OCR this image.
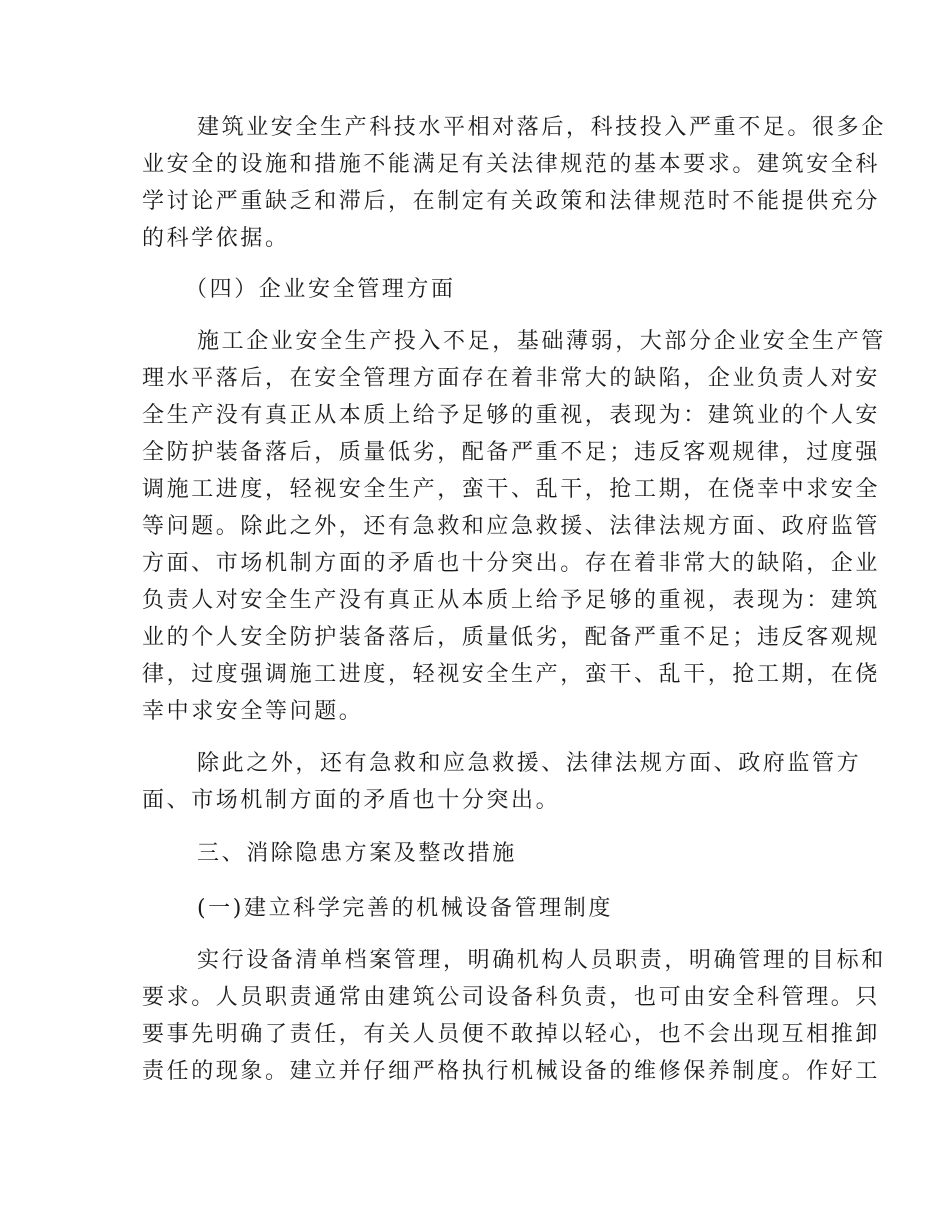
建筑业安全生产科技水平相对落后，科技投入严重不足。很多企
业安全的设施和措施不能满足有关法律规范的基本要求。建筑安全科
学讨论严重缺乏和滞后，在制定有关政策和法律规范时不能提供充分
的科学依据。
（四）企业安全管理方面
施工企业安全生产投入不足，基础薄弱，大部分企业安全生产管
理水平落后，在安全管理方面存在着非常大的缺陷，企业负责人对安
全生产没有真正从本质上给予足够的重视，表现为：建筑业的个人安
全防护装备落后，质量低劣，配备严重不足；违反客观规律，过度强
调施工进度，轻视安全生产，蛮干、乱干，抢工期，在侥幸中求安全
等问题。除此之外，还有急救和应急救援、法律法规方面、政府监管
方面、市场机制方面的矛盾也十分突出。存在着非常大的缺陷，企业
负责人对安全生产没有真正从本质上给予足够的重视，表现为：建筑
业的个人安全防护装备落后，质量低劣，配备严重不足；违反客观规
律，过度强调施工进度，轻视安全生产，蛮干、乱干，抢工期，在侥
幸中求安全等问题。
除此之外，还有急救和应急救援、法律法规方面、政府监管方
面、市场机制方面的矛盾也十分突出。
三、消除隐患方案及整改措施
(一)建立科学完善的机械设备管理制度
实行设备清单档案管理，明确机构人员职责，明确管理的目标和
要求。人员职责通常由建筑公司设备科负责，也可由安全科管理。只
要事先明确了责任，有关人员便不敢掉以轻心，也不会出现互相推卸
责任的现象。建立并仔细严格执行机械设备的维修保养制度。作好工
